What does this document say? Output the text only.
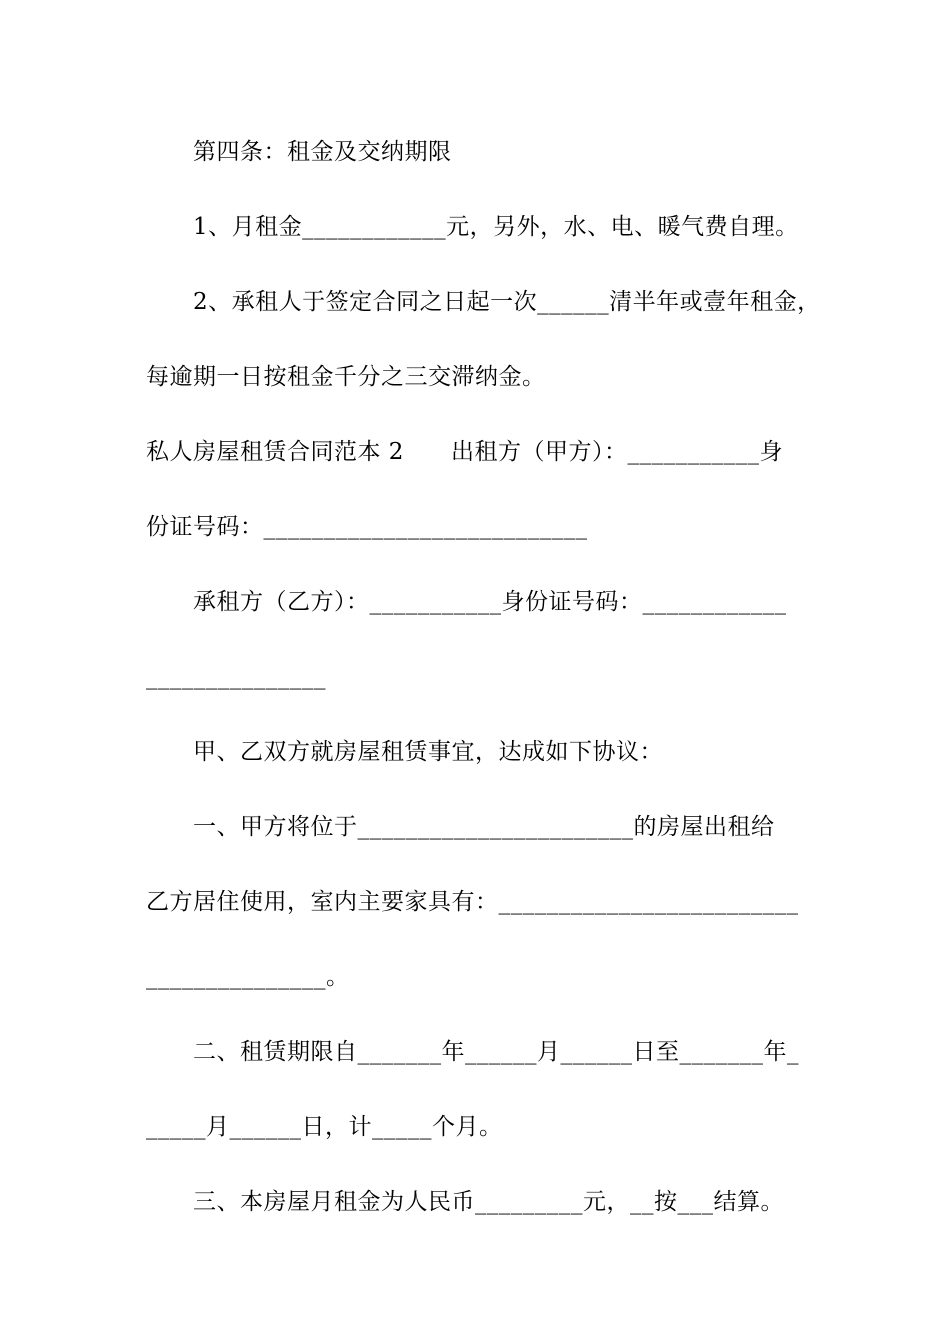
第四条：租金及交纳期限
1、月租金____________元，另外，水、电、暖气费自理。
2、承租人于签定合同之日起一次______清半年或壹年租金，
每逾期一日按租金千分之三交滞纳金。
私人房屋租赁合同范本 2　　出租方（甲方）：___________身
份证号码：___________________________
承租方（乙方）：___________身份证号码：____________
_______________
甲、乙双方就房屋租赁事宜，达成如下协议：
一、甲方将位于_______________________的房屋出租给
乙方居住使用，室内主要家具有：_________________________
_______________。
二、租赁期限自_______年______月______日至_______年_
_____月______日，计_____个月。
三、本房屋月租金为人民币_________元，__按___结算。
